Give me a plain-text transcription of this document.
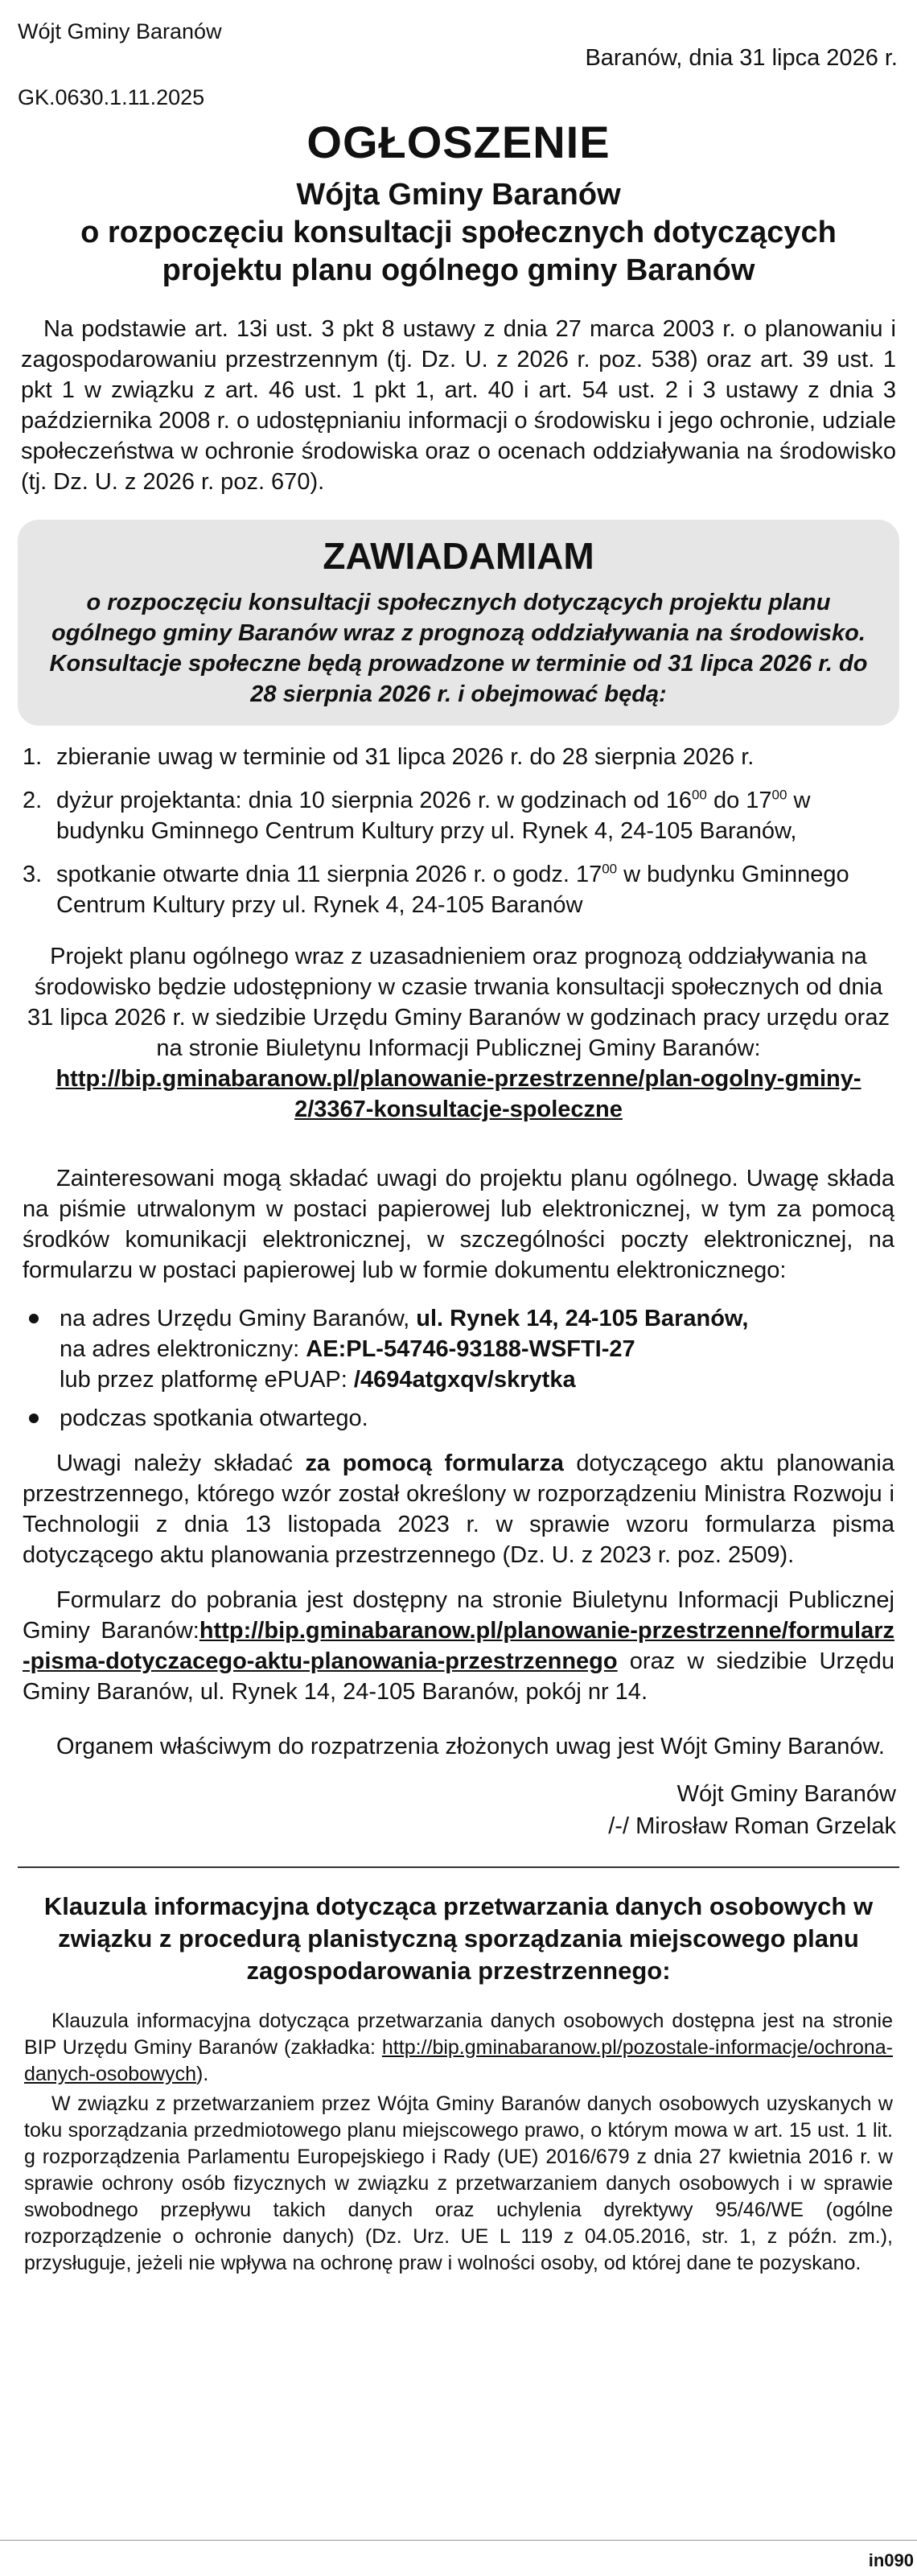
Wójt Gminy Baranów
GK.0630.1.11.2025
Baranów, dnia 31 lipca 2026 r.
OGŁOSZENIE
Wójta Gminy Baranów
o rozpoczęciu konsultacji społecznych dotyczących
projektu planu ogólnego gminy Baranów

Na podstawie art. 13i ust. 3 pkt 8 ustawy z dnia 27 marca 2003 r. o planowaniu i zagospodarowaniu przestrzennym (tj. Dz. U. z 2026 r. poz. 538) oraz art. 39 ust. 1 pkt 1 w związku z art. 46 ust. 1 pkt 1, art. 40 i art. 54 ust. 2 i 3 ustawy z dnia 3 października 2008 r. o udostępnianiu informacji o środowisku i jego ochronie, udziale społeczeństwa w ochronie środowiska oraz o ocenach oddziaływania na środowisko (tj. Dz. U. z 2026 r. poz. 670).

ZAWIADAMIAM
o rozpoczęciu konsultacji społecznych dotyczących projektu planu ogólnego gminy Baranów wraz z prognozą oddziaływania na środowisko. Konsultacje społeczne będą prowadzone w terminie od 31 lipca 2026 r. do 28 sierpnia 2026 r. i obejmować będą:
1. zbieranie uwag w terminie od 31 lipca 2026 r. do 28 sierpnia 2026 r.
2. dyżur projektanta: dnia 10 sierpnia 2026 r. w godzinach od $16^{00}$ do $17^{00}$ w budynku Gminnego Centrum Kultury przy ul. Rynek 4, 24-105 Baranów,
3. spotkanie otwarte dnia 11 sierpnia 2026 r. o godz. $17^{00}$ w budynku Gminnego Centrum Kultury przy ul. Rynek 4, 24-105 Baranów
Projekt planu ogólnego wraz z uzasadnieniem oraz prognozą oddziaływania na środowisko będzie udostępniony w czasie trwania konsultacji społecznych od dnia 31 lipca 2026 r. w siedzibie Urzędu Gminy Baranów w godzinach pracy urzędu oraz na stronie Biuletynu Informacji Publicznej Gminy Baranów:
http://bip.gminabaranow.pl/planowanie-przestrzenne/plan-ogolny-gminy-2/3367-konsultacje-spoleczne

Zainteresowani mogą składać uwagi do projektu planu ogólnego. Uwagę składa na piśmie utrwalonym w postaci papierowej lub elektronicznej, w tym za pomocą środków komunikacji elektronicznej, w szczególności poczty elektronicznej, na formularzu w postaci papierowej lub w formie dokumentu elektronicznego:

na adres Urzędu Gminy Baranów, ul. Rynek 14, 24-105 Baranów,
na adres elektroniczny: AE:PL-54746-93188-WSFTI-27
lub przez platformę ePUAP: /4694atgxqv/skrytka
podczas spotkania otwartego.

Uwagi należy składać za pomocą formularza dotyczącego aktu planowania przestrzennego, którego wzór został określony w rozporządzeniu Ministra Rozwoju i Technologii z dnia 13 listopada 2023 r. w sprawie wzoru formularza pisma dotyczącego aktu planowania przestrzennego (Dz. U. z 2023 r. poz. 2509).

Formularz do pobrania jest dostępny na stronie Biuletynu Informacji Publicznej Gminy Baranów:http://bip.gminabaranow.pl/planowanie-przestrzenne/formularz-pisma-dotyczacego-aktu-planowania-przestrzennego oraz w siedzibie Urzędu Gminy Baranów, ul. Rynek 14, 24-105 Baranów, pokój nr 14.

Organem właściwym do rozpatrzenia złożonych uwag jest Wójt Gminy Baranów.

Wójt Gminy Baranów
/-/ Mirosław Roman Grzelak
Klauzula informacyjna dotycząca przetwarzania danych osobowych w związku z procedurą planistyczną sporządzania miejscowego planu zagospodarowania przestrzennego:

Klauzula informacyjna dotycząca przetwarzania danych osobowych dostępna jest na stronie BIP Urzędu Gminy Baranów (zakładka: http://bip.gminabaranow.pl/pozostale-informacje/ochrona-danych-osobowych).

W związku z przetwarzaniem przez Wójta Gminy Baranów danych osobowych uzyskanych w toku sporządzania przedmiotowego planu miejscowego prawo, o którym mowa w art. 15 ust. 1 lit. g rozporządzenia Parlamentu Europejskiego i Rady (UE) 2016/679 z dnia 27 kwietnia 2016 r. w sprawie ochrony osób fizycznych w związku z przetwarzaniem danych osobowych i w sprawie swobodnego przepływu takich danych oraz uchylenia dyrektywy 95/46/WE (ogólne rozporządzenie o ochronie danych) (Dz. Urz. UE L 119 z 04.05.2016, str. 1, z późn. zm.), przysługuje, jeżeli nie wpływa na ochronę praw i wolności osoby, od której dane te pozyskano.

in090
